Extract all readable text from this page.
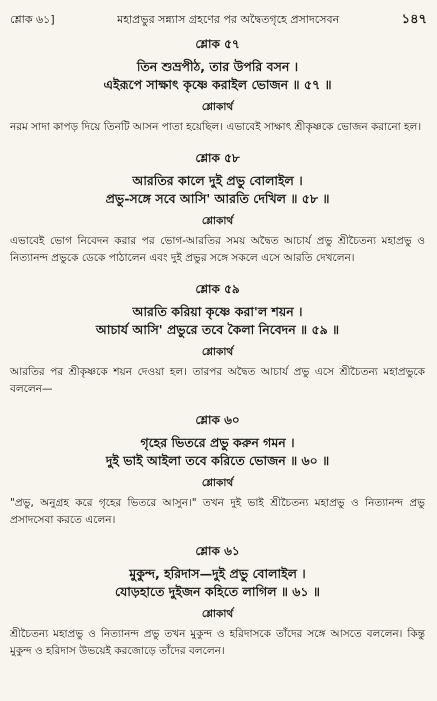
শ্লোক ৬১]	মহাপ্রভুর সন্ন্যাস গ্রহণের পর অদ্বৈতগৃহে প্রসাদসেবন	১৪৭
শ্লোক ৫৭
তিন শুভ্রপীঠ, তার উপরি বসন ।
এইরূপে সাক্ষাৎ কৃষ্ণে করাইল ভোজন ॥ ৫৭ ॥
শ্লোকার্থ
নরম সাদা কাপড় দিয়ে তিনটি আসন পাতা হয়েছিল। এভাবেই সাক্ষাৎ শ্রীকৃষ্ণকে ভোজন করানো হল।
শ্লোক ৫৮
আরতির কালে দুই প্রভু বোলাইল ।
প্রভু-সঙ্গে সবে আসি' আরতি দেখিল ॥ ৫৮ ॥
শ্লোকার্থ
এভাবেই ভোগ নিবেদন করার পর ভোগ-আরতির সময় অদ্বৈত আচার্য প্রভু শ্রীচৈতন্য মহাপ্রভু ও নিত্যানন্দ প্রভুকে ডেকে পাঠালেন এবং দুই প্রভুর সঙ্গে সকলে এসে আরতি দেখলেন।
শ্লোক ৫৯
আরতি করিয়া কৃষ্ণে করা'ল শয়ন ।
আচার্য আসি' প্রভুরে তবে কৈলা নিবেদন ॥ ৫৯ ॥
শ্লোকার্থ
আরতির পর শ্রীকৃষ্ণকে শয়ন দেওয়া হল। তারপর অদ্বৈত আচার্য প্রভু এসে শ্রীচৈতন্য মহাপ্রভুকে বললেন—
শ্লোক ৬০
গৃহের ভিতরে প্রভু করুন গমন ।
দুই ভাই আইলা তবে করিতে ভোজন ॥ ৬০ ॥
শ্লোকার্থ
"প্রভু, অনুগ্রহ করে গৃহের ভিতরে আসুন।" তখন দুই ভাই শ্রীচৈতন্য মহাপ্রভু ও নিত্যানন্দ প্রভু প্রসাদসেবা করতে এলেন।
শ্লোক ৬১
মুকুন্দ, হরিদাস—দুই প্রভু বোলাইল ।
যোড়হাতে দুইজন কহিতে লাগিল ॥ ৬১ ॥
শ্লোকার্থ
শ্রীচৈতন্য মহাপ্রভু ও নিত্যানন্দ প্রভু তখন মুকুন্দ ও হরিদাসকে তাঁদের সঙ্গে আসতে বললেন। কিন্তু মুকুন্দ ও হরিদাস উভয়েই করজোড়ে তাঁদের বললেন।
